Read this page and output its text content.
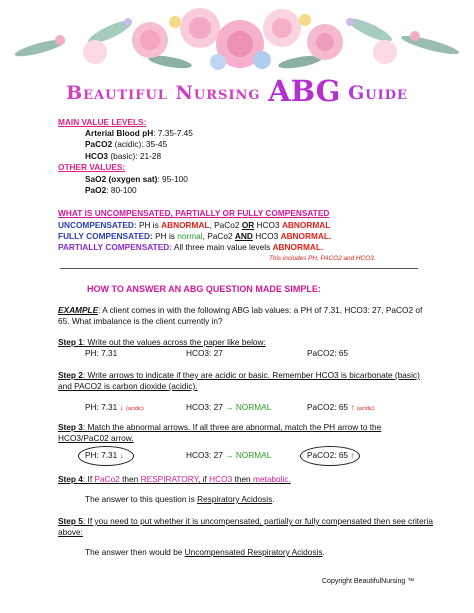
Beautiful Nursing ABG Guide
MAIN VALUE LEVELS:
Arterial Blood pH: 7.35-7.45
PaCO2 (acidic): 35-45
HCO3 (basic): 21-28
OTHER VALUES:
SaO2 (oxygen sat): 95-100
PaO2: 80-100
WHAT IS UNCOMPENSATED, PARTIALLY OR FULLY COMPENSATED
UNCOMPENSATED: PH is ABNORMAL, PaCo2 OR HCO3 ABNORMAL
FULLY COMPENSATED: PH is normal, PaCo2 AND HCO3 ABNORMAL.
PARTIALLY COMPENSATED: All three main value levels ABNORMAL.
This includes PH, PACO2 and HCO3.
HOW TO ANSWER AN ABG QUESTION MADE SIMPLE:
EXAMPLE: A client comes in with the following ABG lab values: a PH of 7.31, HCO3: 27, PaCO2 of
65. What imbalance is the client currently in?
Step 1: Write out the values across the paper like below:
PH: 7.31	HCO3: 27	PaCO2: 65
Step 2: Write arrows to indicate if they are acidic or basic. Remember HCO3 is bicarbonate (basic)
and PACO2 is carbon dioxide (acidic).
PH: 7.31 ↓ (acidic)	HCO3: 27 → NORMAL	PaCO2: 65 ↑ (acidic)
Step 3: Match the abnormal arrows. If all three are abnormal, match the PH arrow to the
HCO3/PaC02 arrow.
PH: 7.31 ↓	HCO3: 27 → NORMAL	PaCO2: 65 ↑
Step 4: If PaCo2 then RESPIRATORY, if HCO3 then metabolic.
The answer to this question is Respiratory Acidosis.
Step 5: If you need to put whether it is uncompensated, partially or fully compensated then see criteria
above:
The answer then would be Uncompensated Respiratory Acidosis.
Copyright BeautifulNursing ™
